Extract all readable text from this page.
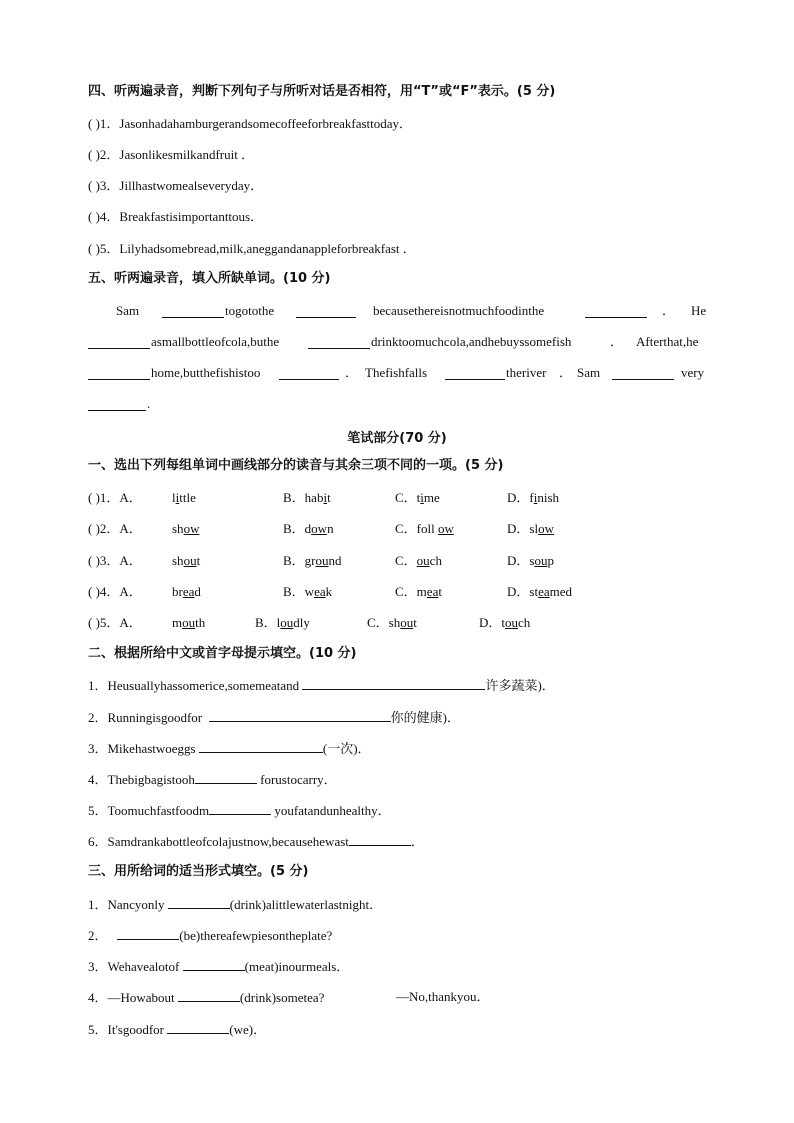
四、听两遍录音，判断下列句子与所听对话是否相符，用“T”或“F”表示。(5 分)
( )1．Jasonhadahamburgerandsomecoffeeforbreakfasttoday．
( )2．Jasonlikesmilkandfruit ．
( )3．Jillhastwomealseveryday．
( )4．Breakfastisimportanttous．
( )5．Lilyhadsomebread,milk,aneggandanappleforbreakfast ．
五、听两遍录音，填入所缺单词。(10 分)
Sam	togotothe	becausethereisnotmuchfoodinthe	． He
asmallbottleofcola,buthe	drinktoomuchcola,andhebuyssomefish	． Afterthat,he
home,butthefishistoo	． Thefishfalls	theriver ． Sam	very
.
笔试部分(70 分)
一、选出下列每组单词中画线部分的读音与其余三项不同的一项。(5 分)
( )1．A． little	B．habit	C．time	D．finish
( )2．A． show	B．down	C．foll ow	D．slow
( )3．A． shout	B．ground	C．ouch	D．soup
( )4．A． bread	B．weak	C．meat	D．steamed
( )5．A． mouth	B．loudly	C．shout	D．touch
二、根据所给中文或首字母提示填空。(10 分)
1．Heusuallyhassomerice,somemeatand	许多蔬菜)．
2．Runningisgoodfor	你的健康)．
3．Mikehastwoeggs	(一次)．
4．Thebigbagistooh	forustocarry．
5．Toomuchfastfoodm	youfatandunhealthy．
6．Samdrankabottleofcolajustnow,becausehewast	．
三、用所给词的适当形式填空。(5 分)
1．Nancyonly	(drink)alittlewaterlastnight．
2．	(be)thereafewpiesontheplate?
3．Wehavealotof	(meat)inourmeals．
4．—Howabout	(drink)sometea?	—No,thankyou．
5．It'sgoodfor	(we)．
